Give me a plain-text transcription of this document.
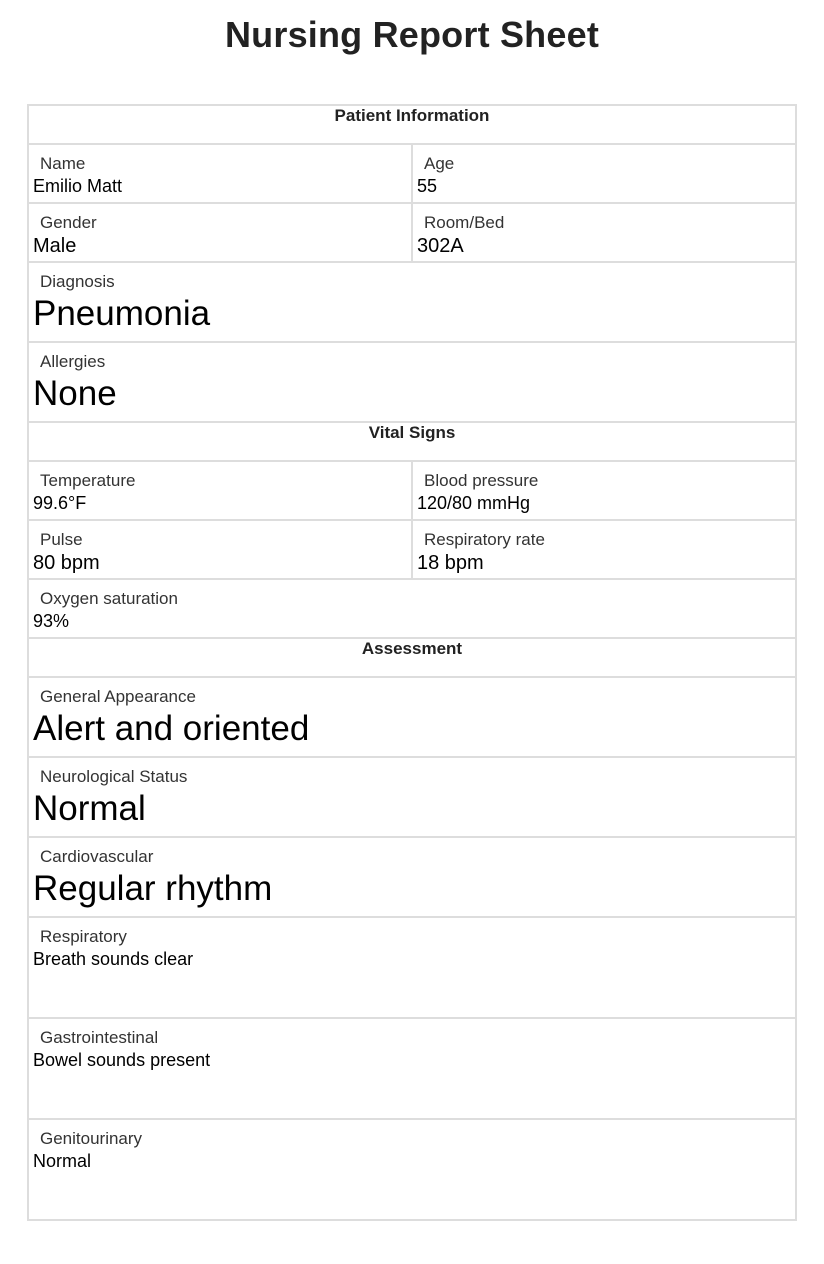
Nursing Report Sheet
Patient Information	

Name
Emilio Matt	Age
55

Gender
Male	Room/Bed
302A

Diagnosis
Pneumonia	

Allergies
None	

Vital Signs	

Temperature
99.6°F	Blood pressure
120/80 mmHg

Pulse
80 bpm	Respiratory rate
18 bpm

Oxygen saturation
93%	

Assessment	

General Appearance
Alert and oriented	

Neurological Status
Normal	

Cardiovascular
Regular rhythm	

Respiratory
Breath sounds clear	

Gastrointestinal
Bowel sounds present	

Genitourinary
Normal	
